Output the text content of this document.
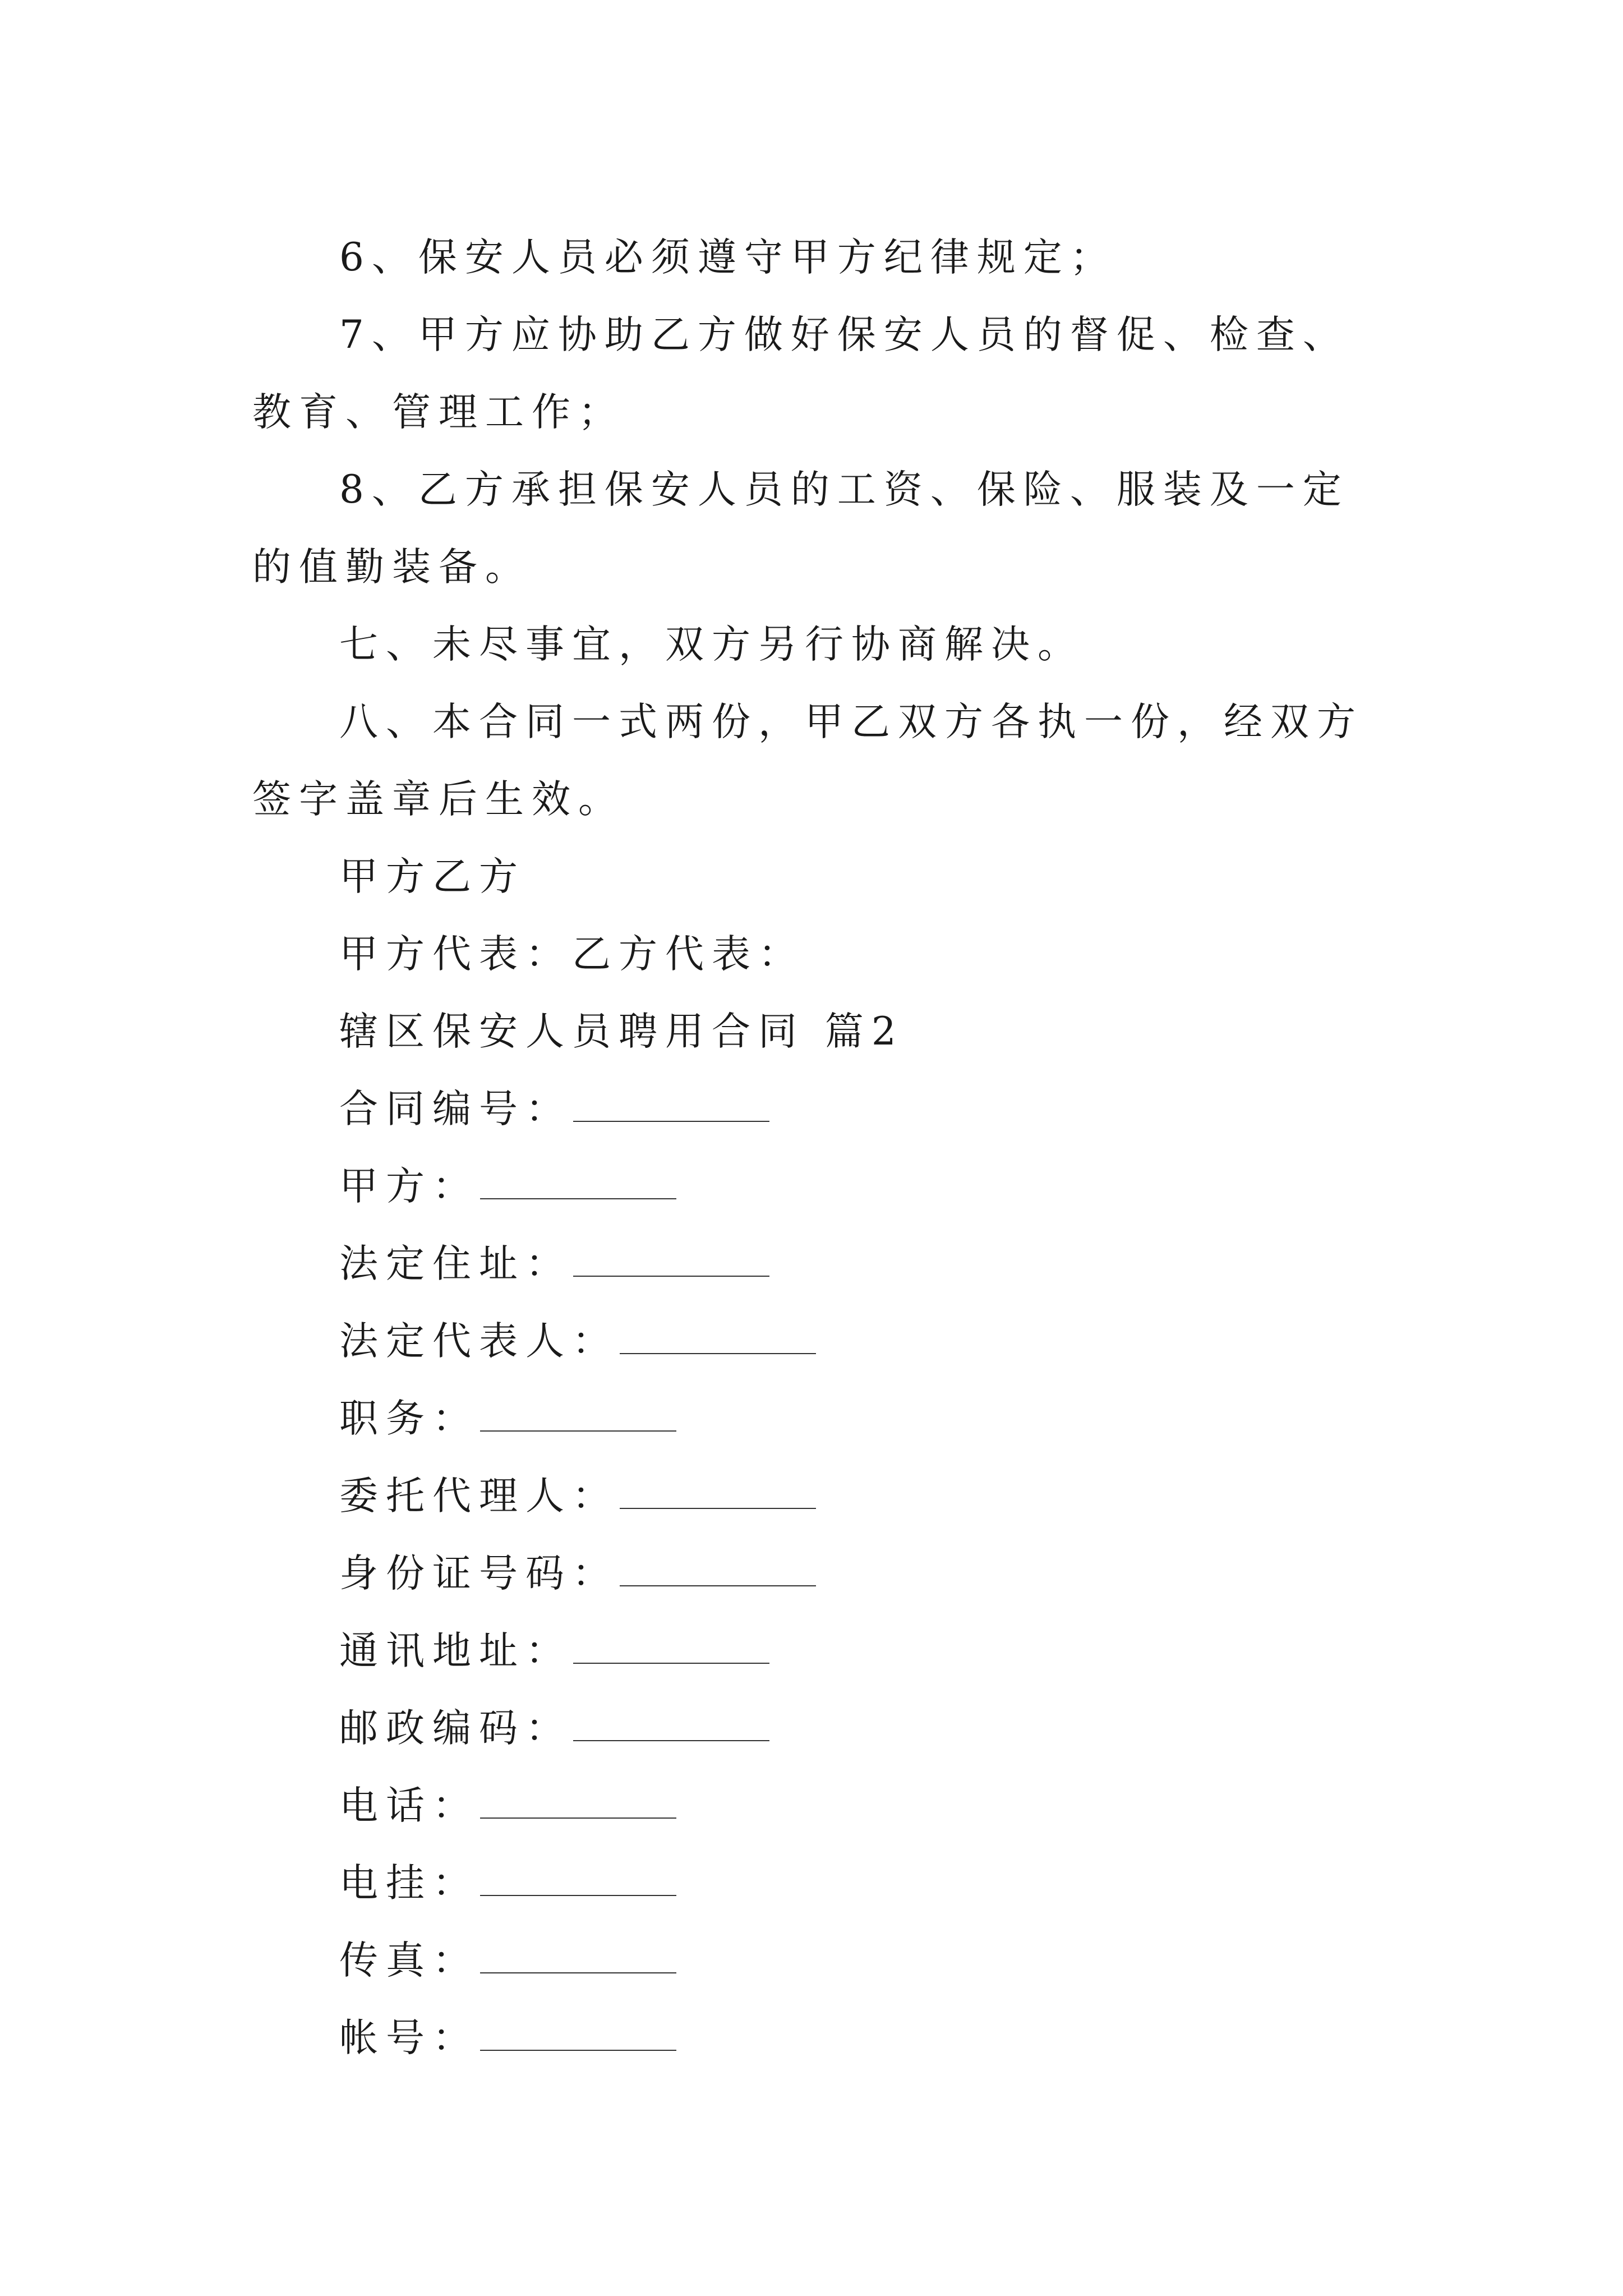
6、保安人员必须遵守甲方纪律规定；

7、甲方应协助乙方做好保安人员的督促、检查、教育、管理工作；

8、乙方承担保安人员的工资、保险、服装及一定的值勤装备。

七、未尽事宜，双方另行协商解决。

八、本合同一式两份，甲乙双方各执一份，经双方签字盖章后生效。

甲方乙方

甲方代表：乙方代表：

辖区保安人员聘用合同 篇2

合同编号：

甲方：

法定住址：

法定代表人：

职务：

委托代理人：

身份证号码：

通讯地址：

邮政编码：

电话：

电挂：

传真：

帐号：
